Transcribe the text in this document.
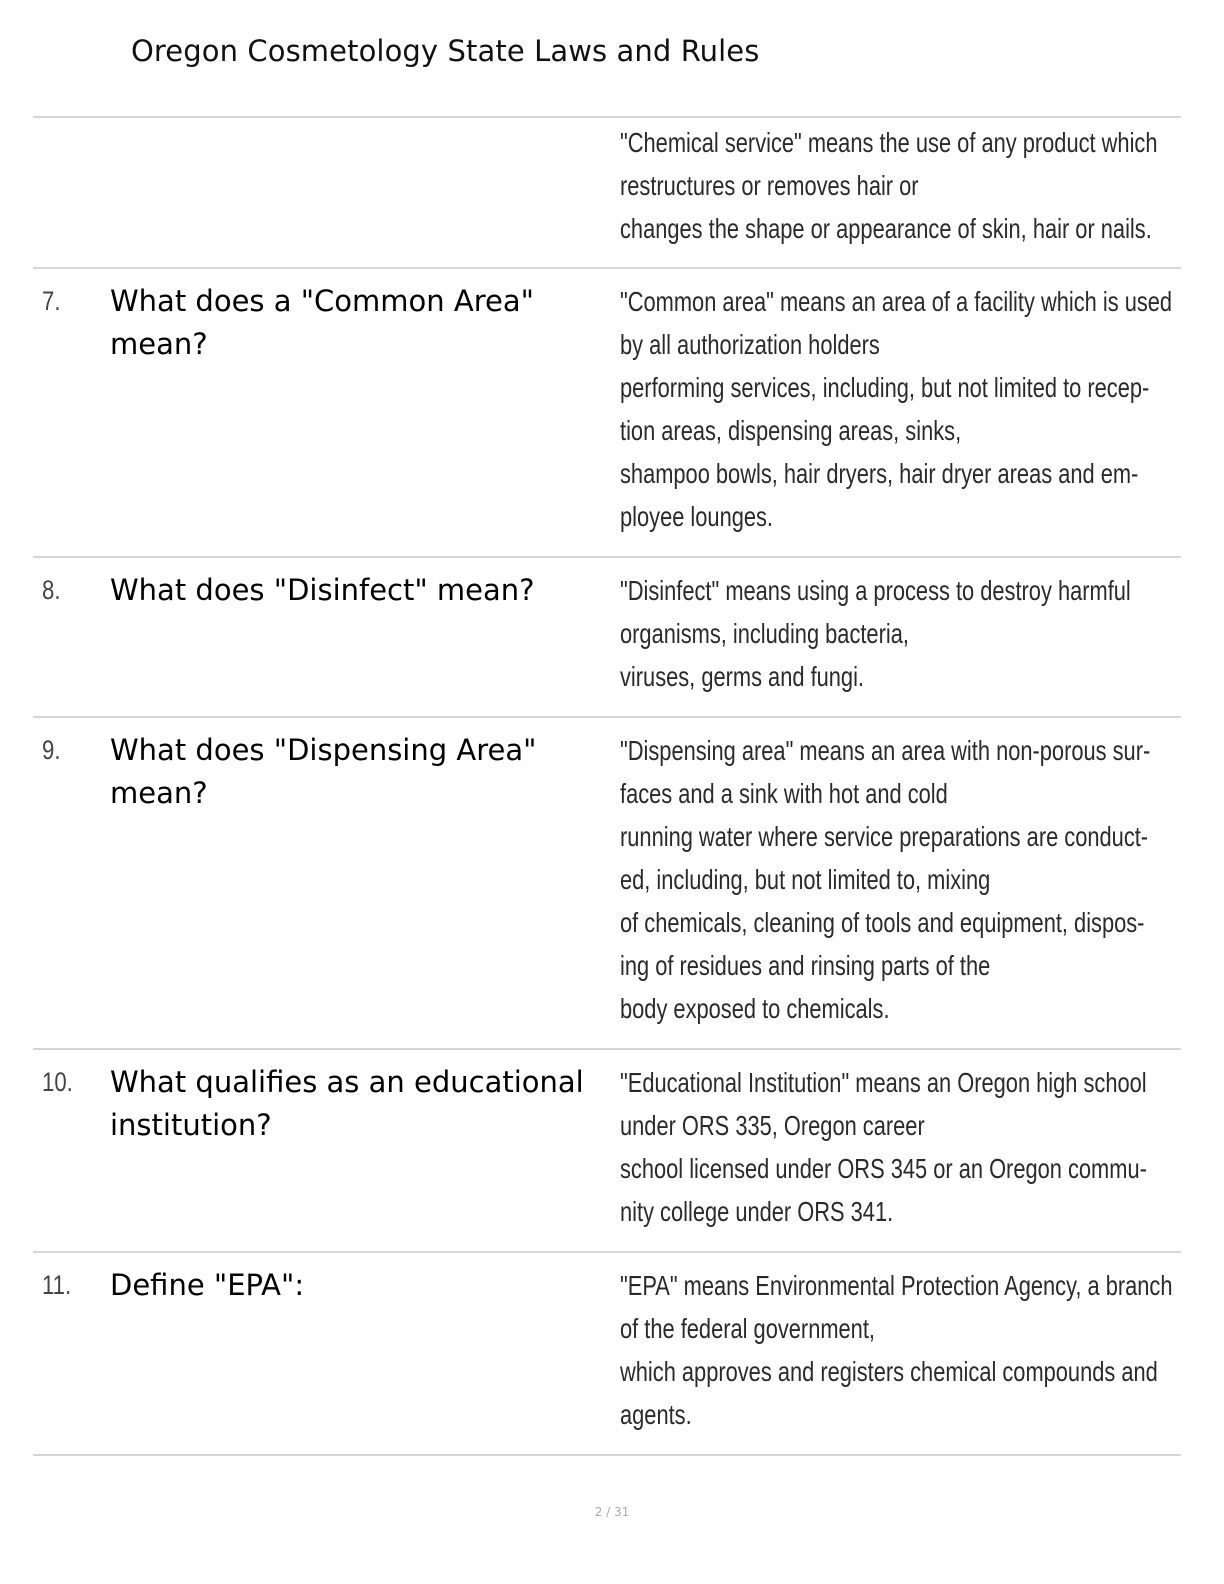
Oregon Cosmetology State Laws and Rules
"Chemical service" means the use of any product which
restructures or removes hair or
changes the shape or appearance of skin, hair or nails.
7. What does a "Common Area" mean?
"Common area" means an area of a facility which is used
by all authorization holders
performing services, including, but not limited to recep-
tion areas, dispensing areas, sinks,
shampoo bowls, hair dryers, hair dryer areas and em-
ployee lounges.
8. What does "Disinfect" mean?	"Disinfect" means using a process to destroy harmful
organisms, including bacteria,
viruses, germs and fungi.
9. What does "Dispensing Area" mean?
"Dispensing area" means an area with non-porous sur-
faces and a sink with hot and cold
running water where service preparations are conduct-
ed, including, but not limited to, mixing
of chemicals, cleaning of tools and equipment, dispos-
ing of residues and rinsing parts of the
body exposed to chemicals.
10. What qualifies as an educational institution?
"Educational Institution" means an Oregon high school
under ORS 335, Oregon career
school licensed under ORS 345 or an Oregon commu-
nity college under ORS 341.
11. Define "EPA":	"EPA" means Environmental Protection Agency, a branch
of the federal government,
which approves and registers chemical compounds and
agents.
2 / 31
